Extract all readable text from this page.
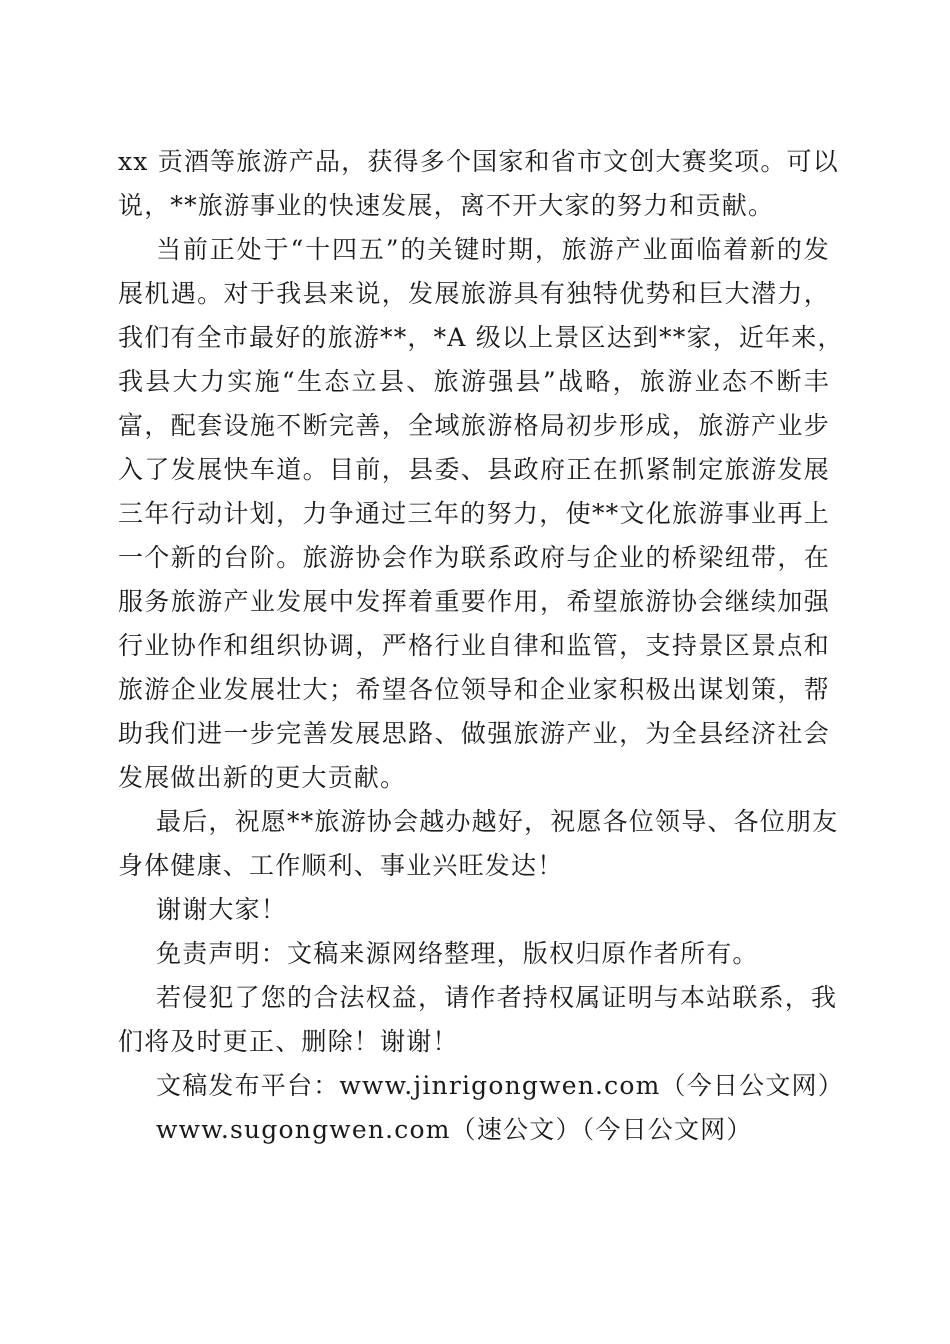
xx 贡酒等旅游产品，获得多个国家和省市文创大赛奖项。可以
说，**旅游事业的快速发展，离不开大家的努力和贡献。
当前正处于“十四五”的关键时期，旅游产业面临着新的发
展机遇。对于我县来说，发展旅游具有独特优势和巨大潜力，
我们有全市最好的旅游**，*A 级以上景区达到**家，近年来，
我县大力实施“生态立县、旅游强县”战略，旅游业态不断丰
富，配套设施不断完善，全域旅游格局初步形成，旅游产业步
入了发展快车道。目前，县委、县政府正在抓紧制定旅游发展
三年行动计划，力争通过三年的努力，使**文化旅游事业再上
一个新的台阶。旅游协会作为联系政府与企业的桥梁纽带，在
服务旅游产业发展中发挥着重要作用，希望旅游协会继续加强
行业协作和组织协调，严格行业自律和监管，支持景区景点和
旅游企业发展壮大；希望各位领导和企业家积极出谋划策，帮
助我们进一步完善发展思路、做强旅游产业，为全县经济社会
发展做出新的更大贡献。
最后，祝愿**旅游协会越办越好，祝愿各位领导、各位朋友
身体健康、工作顺利、事业兴旺发达！
谢谢大家！
免责声明：文稿来源网络整理，版权归原作者所有。
若侵犯了您的合法权益，请作者持权属证明与本站联系，我
们将及时更正、删除！谢谢！
文稿发布平台：www.jinrigongwen.com（今日公文网）
www.sugongwen.com（速公文）（今日公文网）
